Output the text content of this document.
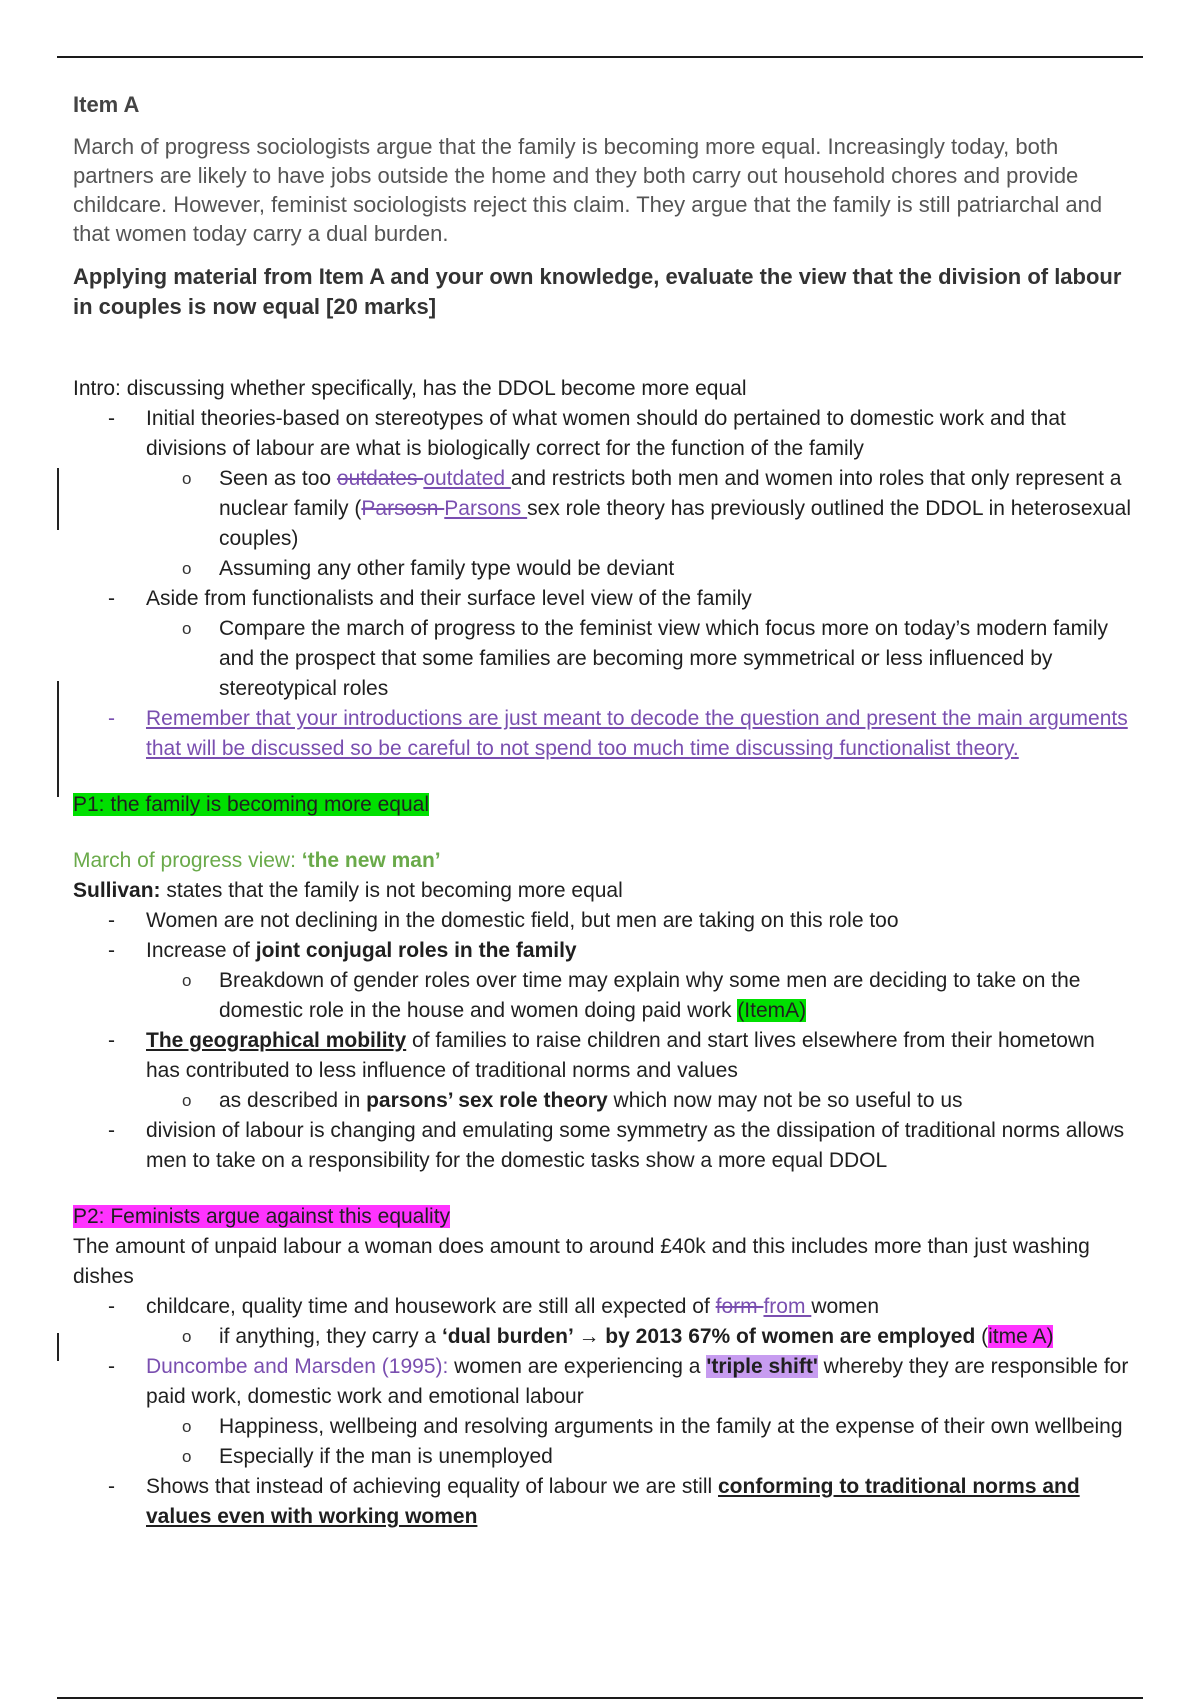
Item A
March of progress sociologists argue that the family is becoming more equal. Increasingly today, both partners are likely to have jobs outside the home and they both carry out household chores and provide childcare. However, feminist sociologists reject this claim. They argue that the family is still patriarchal and that women today carry a dual burden.
Applying material from Item A and your own knowledge, evaluate the view that the division of labour in couples is now equal [20 marks]
Intro: discussing whether specifically, has the DDOL become more equal
- Initial theories-based on stereotypes of what women should do pertained to domestic work and that divisions of labour are what is biologically correct for the function of the family
o Seen as too outdates outdated and restricts both men and women into roles that only represent a nuclear family (Parsosn Parsons sex role theory has previously outlined the DDOL in heterosexual couples)
o Assuming any other family type would be deviant
- Aside from functionalists and their surface level view of the family
o Compare the march of progress to the feminist view which focus more on today’s modern family and the prospect that some families are becoming more symmetrical or less influenced by stereotypical roles
- Remember that your introductions are just meant to decode the question and present the main arguments that will be discussed so be careful to not spend too much time discussing functionalist theory.
P1: the family is becoming more equal
March of progress view: ‘the new man’
Sullivan: states that the family is not becoming more equal
- Women are not declining in the domestic field, but men are taking on this role too
- Increase of joint conjugal roles in the family
o Breakdown of gender roles over time may explain why some men are deciding to take on the domestic role in the house and women doing paid work (ItemA)
- The geographical mobility of families to raise children and start lives elsewhere from their hometown has contributed to less influence of traditional norms and values
o as described in parsons’ sex role theory which now may not be so useful to us
- division of labour is changing and emulating some symmetry as the dissipation of traditional norms allows men to take on a responsibility for the domestic tasks show a more equal DDOL
P2: Feminists argue against this equality
The amount of unpaid labour a woman does amount to around £40k and this includes more than just washing dishes
- childcare, quality time and housework are still all expected of form from women
o if anything, they carry a ‘dual burden’ → by 2013 67% of women are employed (itme A)
- Duncombe and Marsden (1995): women are experiencing a 'triple shift' whereby they are responsible for paid work, domestic work and emotional labour
o Happiness, wellbeing and resolving arguments in the family at the expense of their own wellbeing
o Especially if the man is unemployed
- Shows that instead of achieving equality of labour we are still conforming to traditional norms and values even with working women
